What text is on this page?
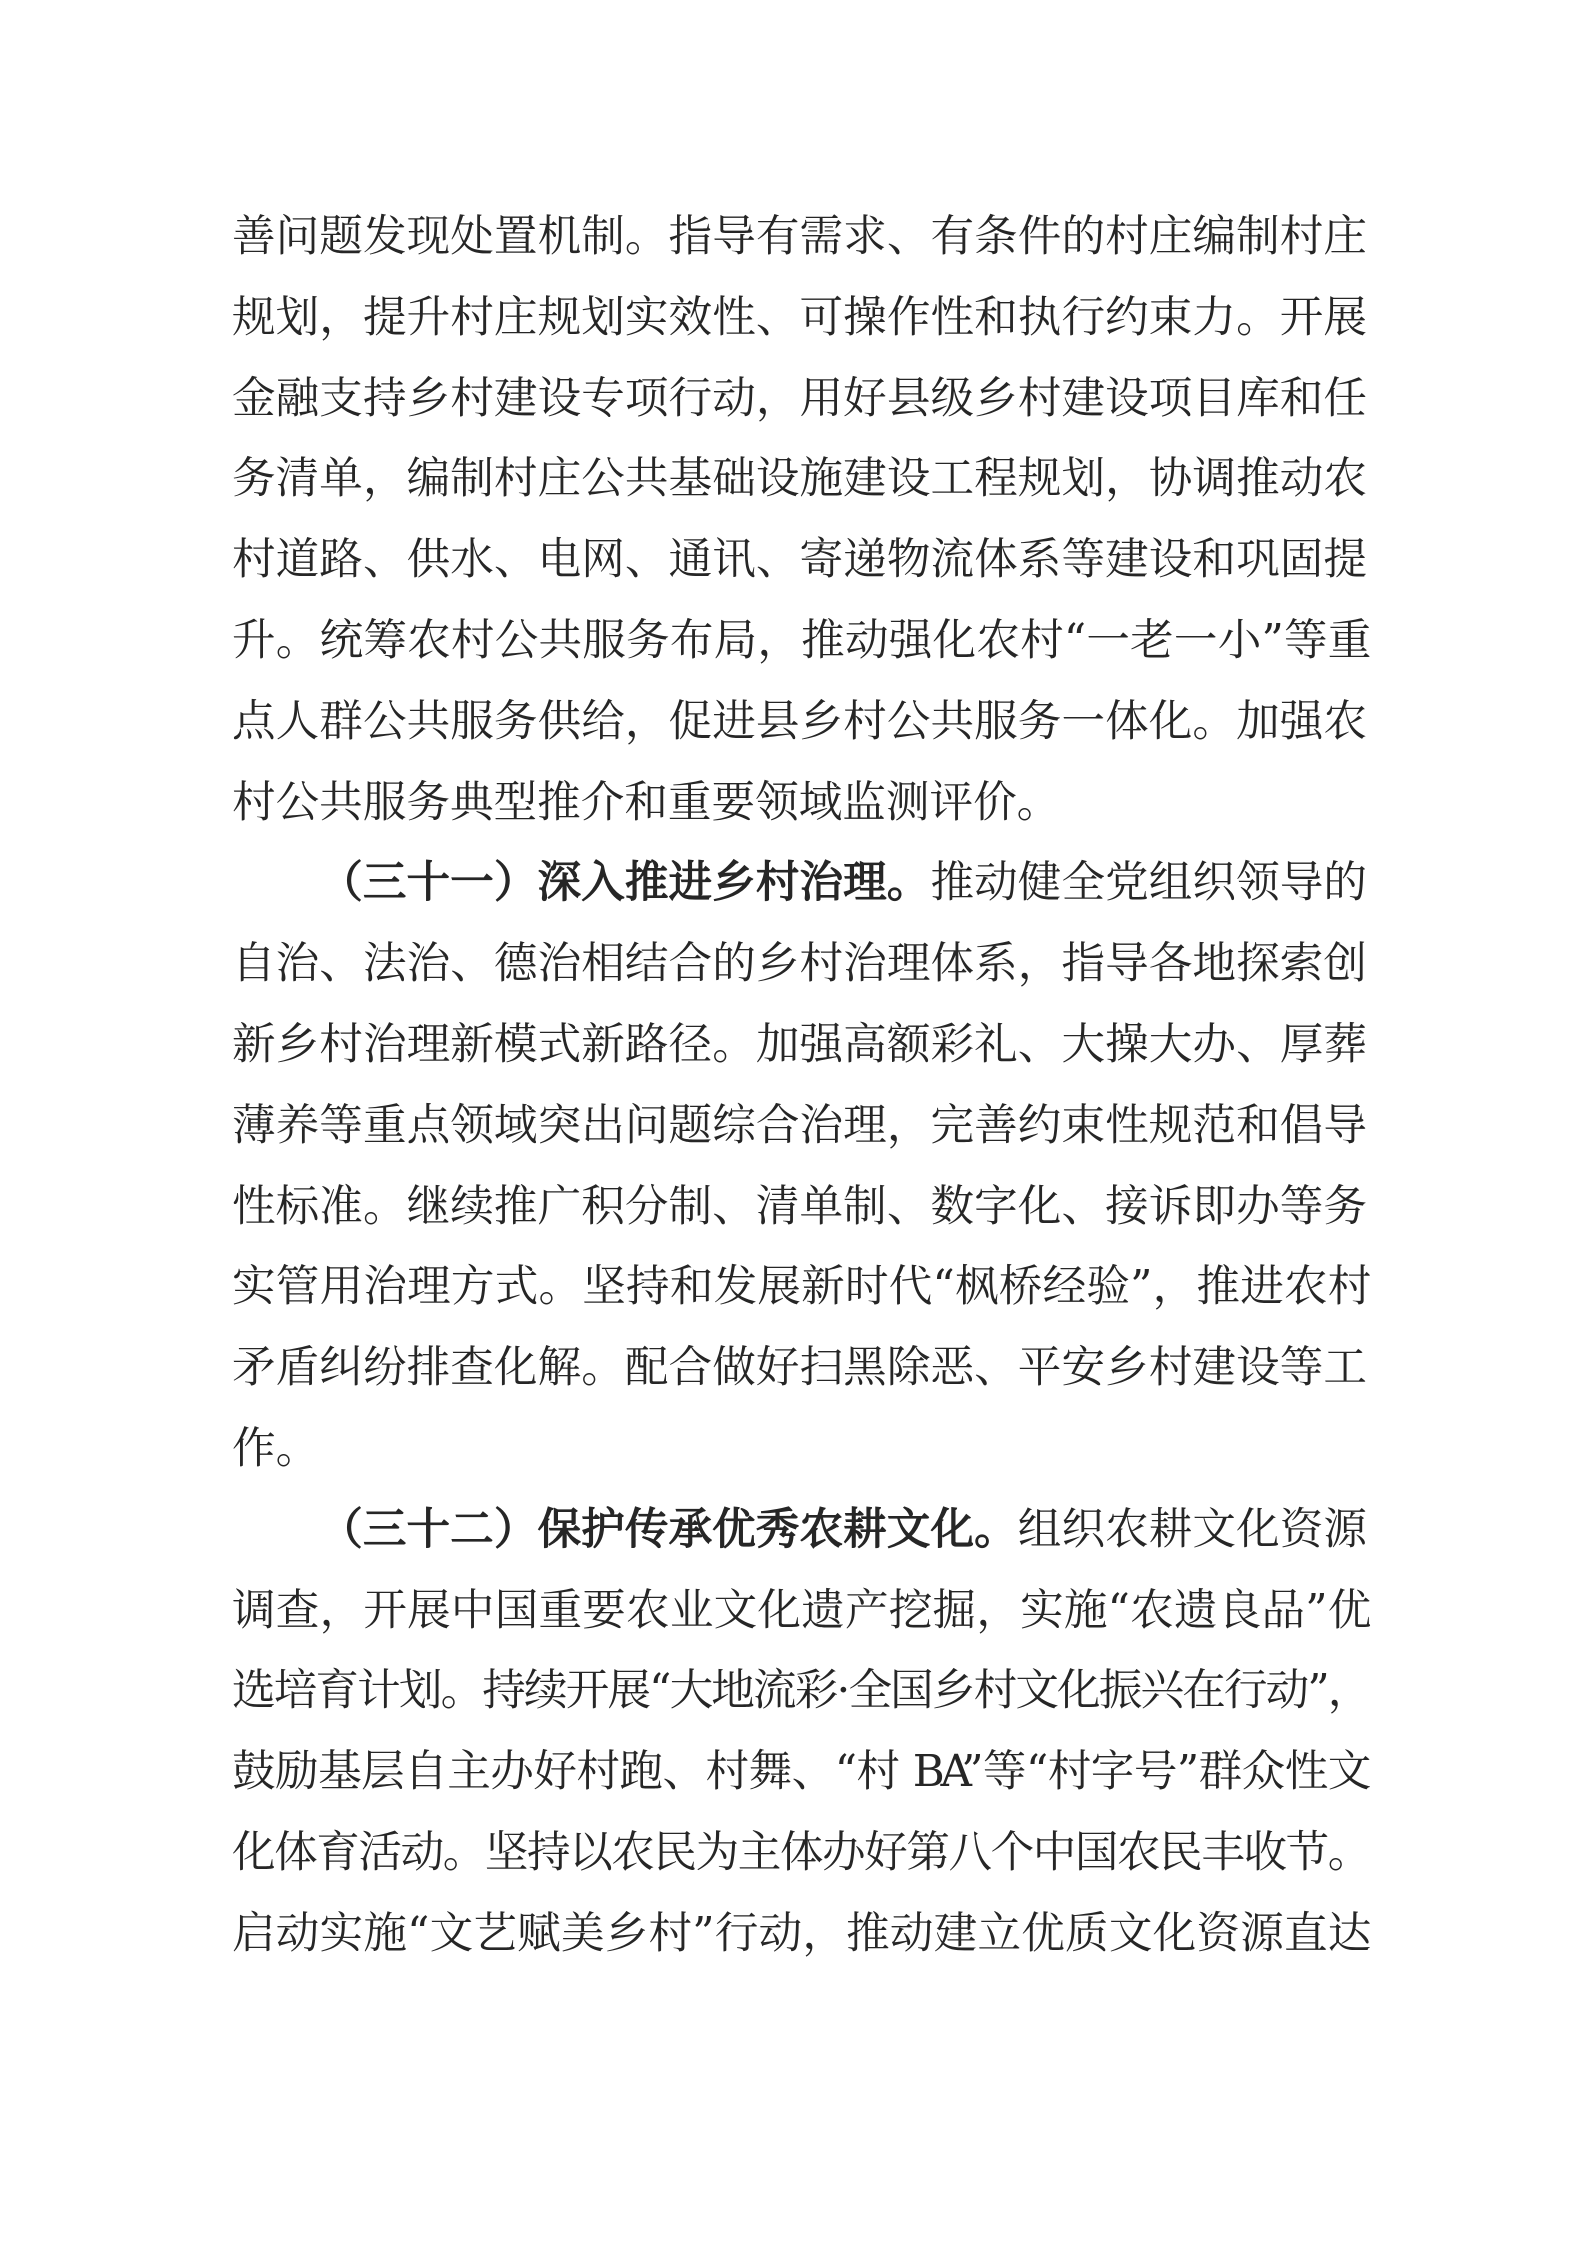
善问题发现处置机制。指导有需求、有条件的村庄编制村庄
规划，提升村庄规划实效性、可操作性和执行约束力。开展
金融支持乡村建设专项行动，用好县级乡村建设项目库和任
务清单，编制村庄公共基础设施建设工程规划，协调推动农
村道路、供水、电网、通讯、寄递物流体系等建设和巩固提
升。统筹农村公共服务布局，推动强化农村“一老一小”等重
点人群公共服务供给，促进县乡村公共服务一体化。加强农
村公共服务典型推介和重要领域监测评价。
（三十一）深入推进乡村治理。推动健全党组织领导的
自治、法治、德治相结合的乡村治理体系，指导各地探索创
新乡村治理新模式新路径。加强高额彩礼、大操大办、厚葬
薄养等重点领域突出问题综合治理，完善约束性规范和倡导
性标准。继续推广积分制、清单制、数字化、接诉即办等务
实管用治理方式。坚持和发展新时代“枫桥经验”，推进农村
矛盾纠纷排查化解。配合做好扫黑除恶、平安乡村建设等工
作。
（三十二）保护传承优秀农耕文化。组织农耕文化资源
调查，开展中国重要农业文化遗产挖掘，实施“农遗良品”优
选培育计划。持续开展“大地流彩·全国乡村文化振兴在行动”，
鼓励基层自主办好村跑、村舞、“村 BA”等“村字号”群众性文
化体育活动。坚持以农民为主体办好第八个中国农民丰收节。
启动实施“文艺赋美乡村”行动，推动建立优质文化资源直达
